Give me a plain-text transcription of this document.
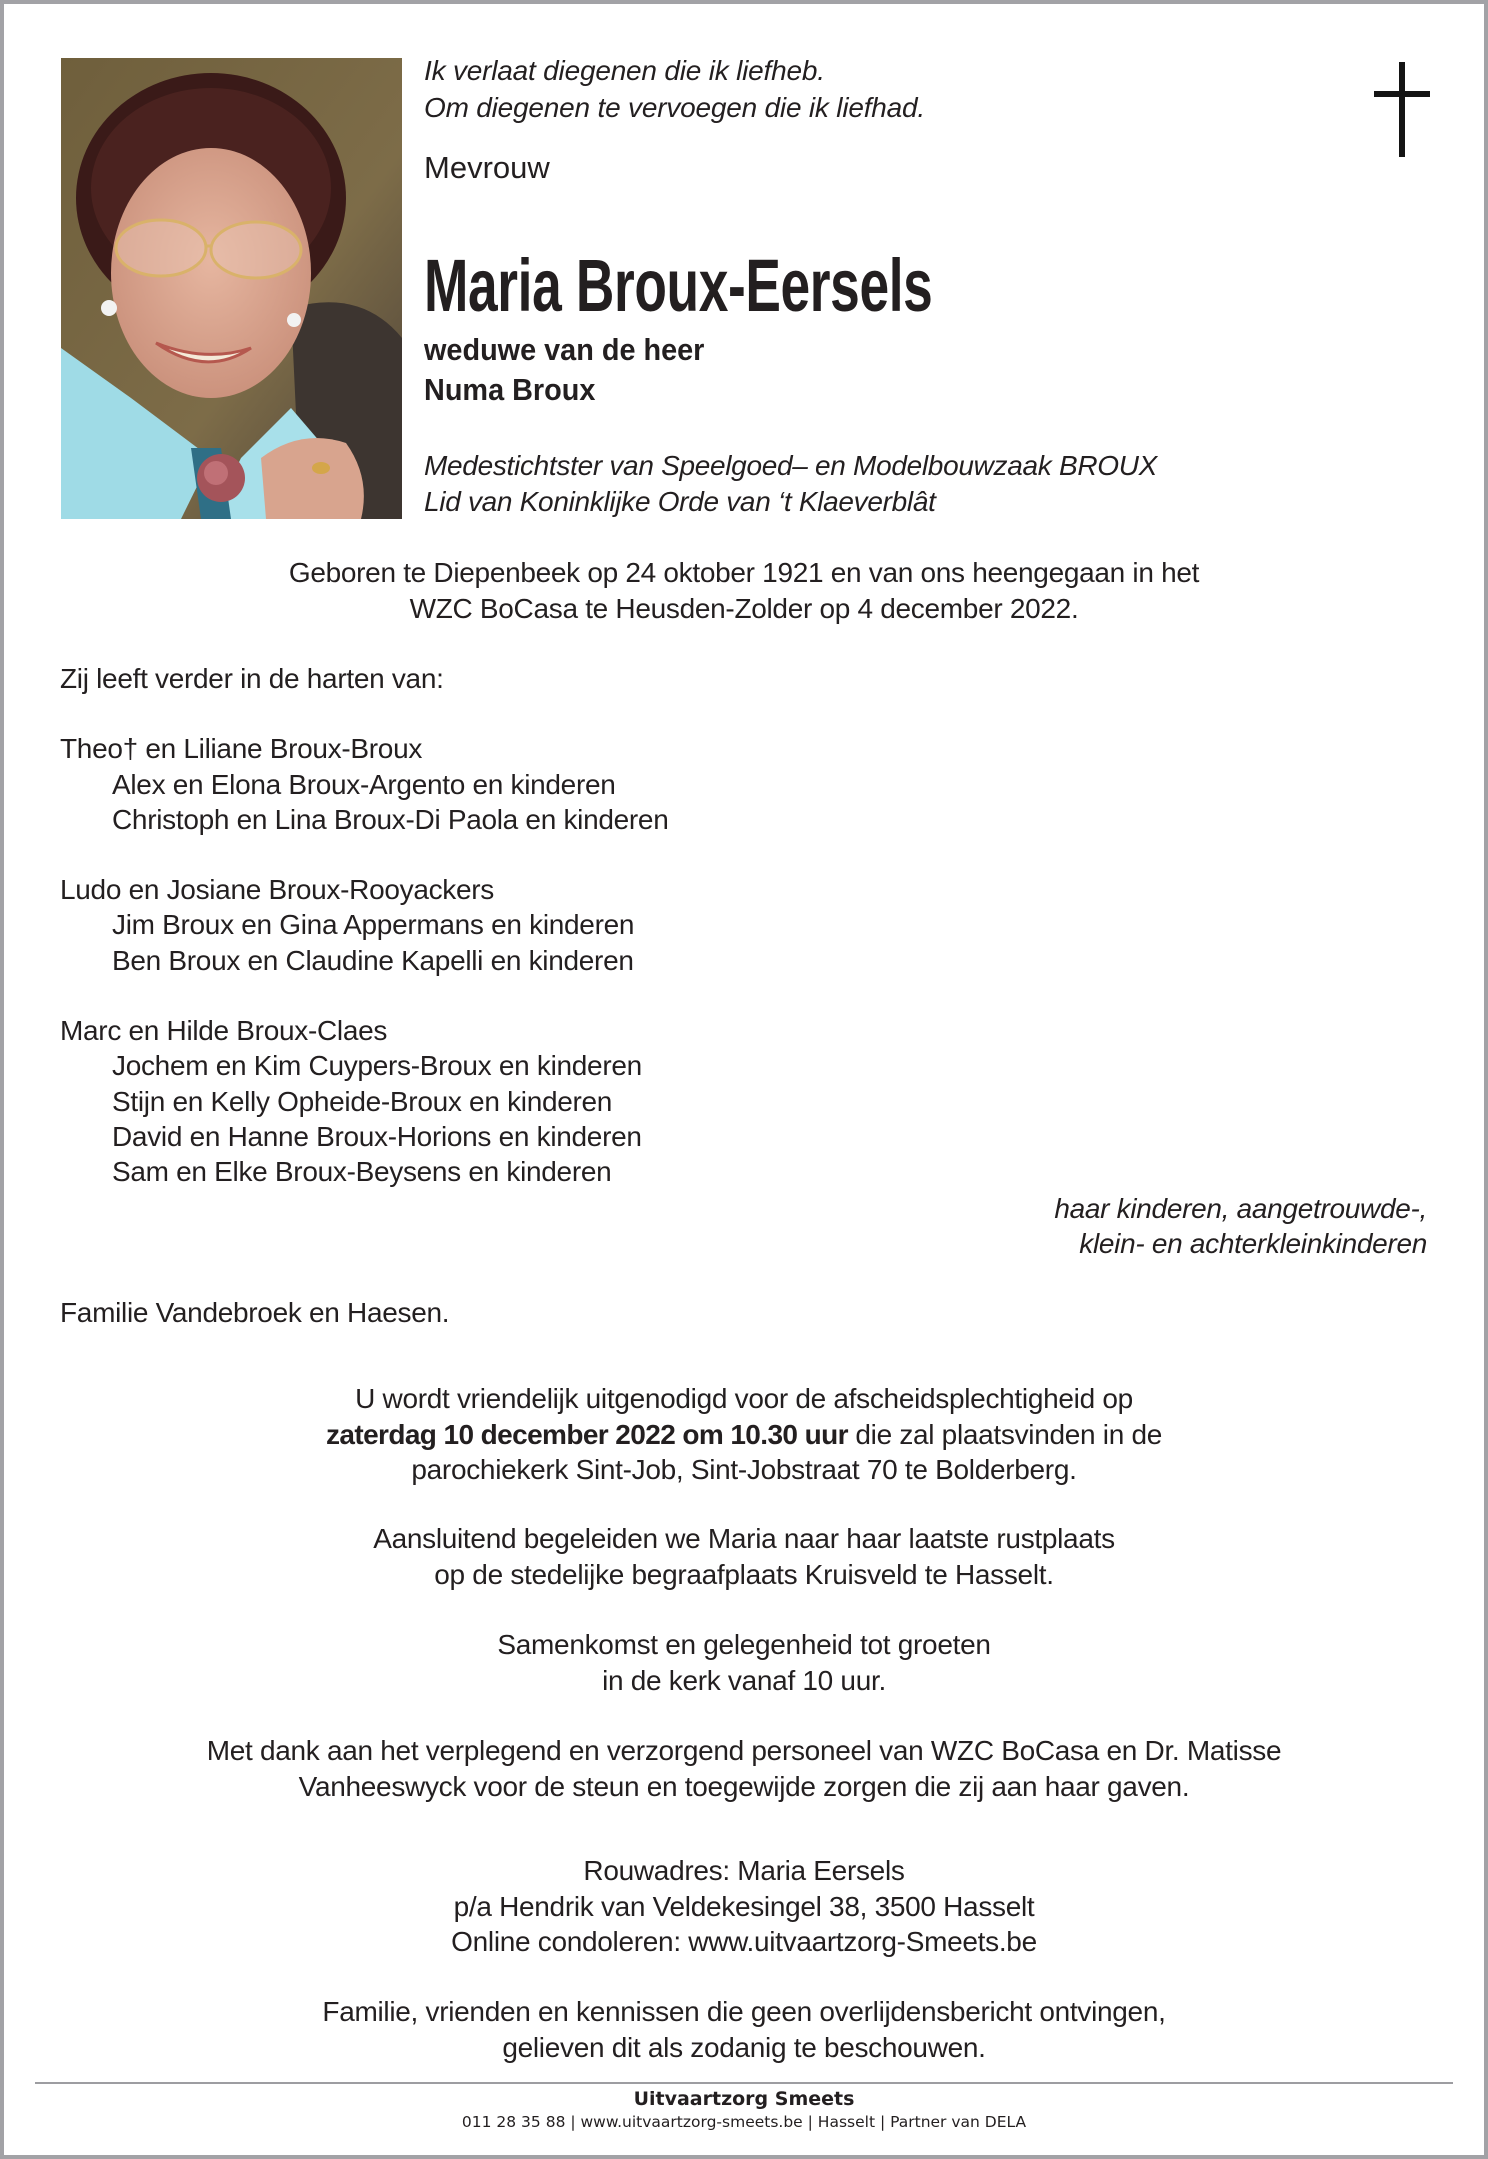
Ik verlaat diegenen die ik liefheb.
Om diegenen te vervoegen die ik liefhad.
Mevrouw
Maria Broux-Eersels
weduwe van de heer
Numa Broux
Medestichtster van Speelgoed– en Modelbouwzaak BROUX
Lid van Koninklijke Orde van ‘t Klaeverblât
Geboren te Diepenbeek op 24 oktober 1921 en van ons heengegaan in het
WZC BoCasa te Heusden-Zolder op 4 december 2022.
Zij leeft verder in de harten van:
Theo† en Liliane Broux-Broux
Alex en Elona Broux-Argento en kinderen
Christoph en Lina Broux-Di Paola en kinderen
Ludo en Josiane Broux-Rooyackers
Jim Broux en Gina Appermans en kinderen
Ben Broux en Claudine Kapelli en kinderen
Marc en Hilde Broux-Claes
Jochem en Kim Cuypers-Broux en kinderen
Stijn en Kelly Opheide-Broux en kinderen
David en Hanne Broux-Horions en kinderen
Sam en Elke Broux-Beysens en kinderen
haar kinderen, aangetrouwde-,
klein- en achterkleinkinderen
Familie Vandebroek en Haesen.
U wordt vriendelijk uitgenodigd voor de afscheidsplechtigheid op
zaterdag 10 december 2022 om 10.30 uur die zal plaatsvinden in de
parochiekerk Sint-Job, Sint-Jobstraat 70 te Bolderberg.
Aansluitend begeleiden we Maria naar haar laatste rustplaats
op de stedelijke begraafplaats Kruisveld te Hasselt.
Samenkomst en gelegenheid tot groeten
in de kerk vanaf 10 uur.
Met dank aan het verplegend en verzorgend personeel van WZC BoCasa en Dr. Matisse
Vanheeswyck voor de steun en toegewijde zorgen die zij aan haar gaven.
Rouwadres: Maria Eersels
p/a Hendrik van Veldekesingel 38, 3500 Hasselt
Online condoleren: www.uitvaartzorg-Smeets.be
Familie, vrienden en kennissen die geen overlijdensbericht ontvingen,
gelieven dit als zodanig te beschouwen.
Uitvaartzorg Smeets
011 28 35 88 | www.uitvaartzorg-smeets.be | Hasselt | Partner van DELA
